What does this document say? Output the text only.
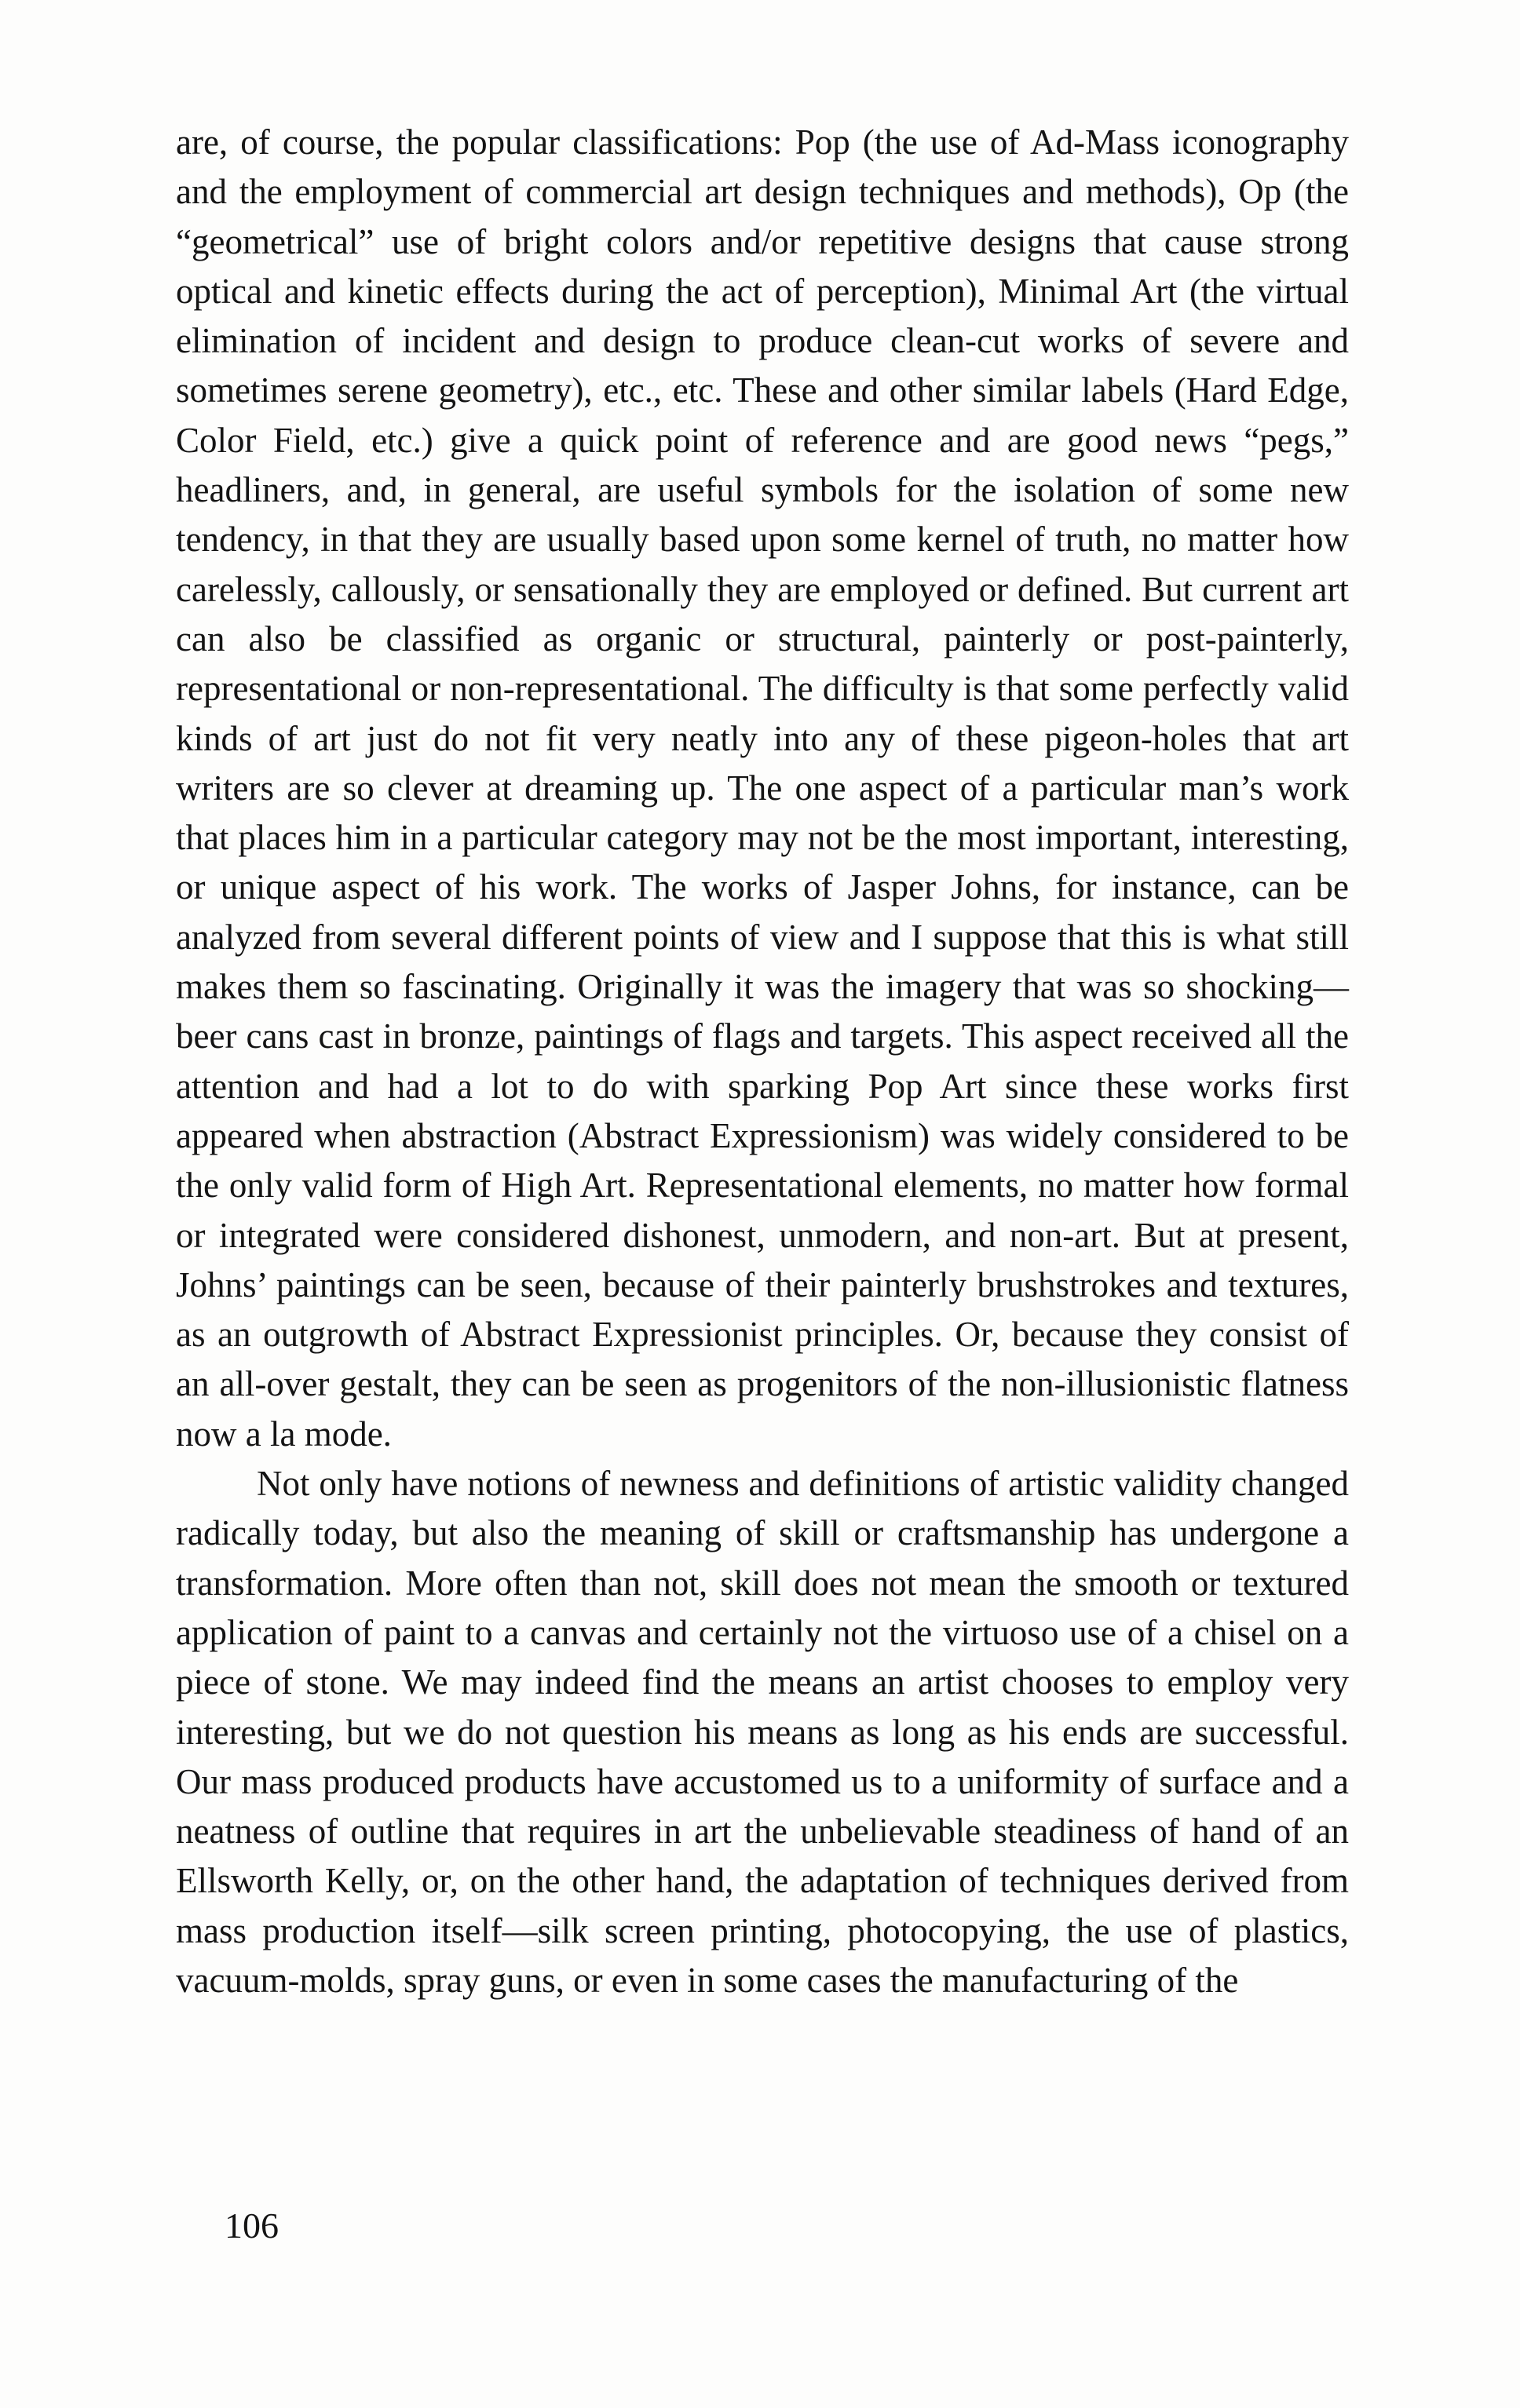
are, of course, the popular classifications: Pop (the use of Ad-Mass iconography and the employment of commercial art design techniques and methods), Op (the “geometrical” use of bright colors and/or repetitive designs that cause strong optical and kinetic effects during the act of perception), Minimal Art (the virtual elimination of incident and design to produce clean-cut works of severe and sometimes serene geometry), etc., etc. These and other similar labels (Hard Edge, Color Field, etc.) give a quick point of reference and are good news “pegs,” headliners, and, in general, are useful symbols for the isolation of some new tendency, in that they are usually based upon some kernel of truth, no matter how carelessly, callously, or sensationally they are employed or defined. But current art can also be classified as organic or structural, painterly or post-painterly, representational or non-representational. The difficulty is that some perfectly valid kinds of art just do not fit very neatly into any of these pigeon-holes that art writers are so clever at dreaming up. The one aspect of a particular man’s work that places him in a particular category may not be the most important, interesting, or unique aspect of his work. The works of Jasper Johns, for instance, can be analyzed from several different points of view and I suppose that this is what still makes them so fascinating. Originally it was the imagery that was so shocking—beer cans cast in bronze, paintings of flags and targets. This aspect received all the attention and had a lot to do with sparking Pop Art since these works first appeared when abstraction (Abstract Expressionism) was widely considered to be the only valid form of High Art. Representational elements, no matter how formal or integrated were considered dishonest, unmodern, and non-art. But at present, Johns’ paintings can be seen, because of their painterly brushstrokes and textures, as an outgrowth of Abstract Expressionist principles. Or, because they consist of an all-over gestalt, they can be seen as progenitors of the non-illusionistic flatness now a la mode.

Not only have notions of newness and definitions of artistic validity changed radically today, but also the meaning of skill or craftsmanship has undergone a transformation. More often than not, skill does not mean the smooth or textured application of paint to a canvas and certainly not the virtuoso use of a chisel on a piece of stone. We may indeed find the means an artist chooses to employ very interesting, but we do not question his means as long as his ends are successful. Our mass produced products have accustomed us to a uniformity of surface and a neatness of outline that requires in art the unbelievable steadiness of hand of an Ellsworth Kelly, or, on the other hand, the adaptation of techniques derived from mass production itself—silk screen printing, photocopying, the use of plastics, vacuum-molds, spray guns, or even in some cases the manufacturing of the

106
